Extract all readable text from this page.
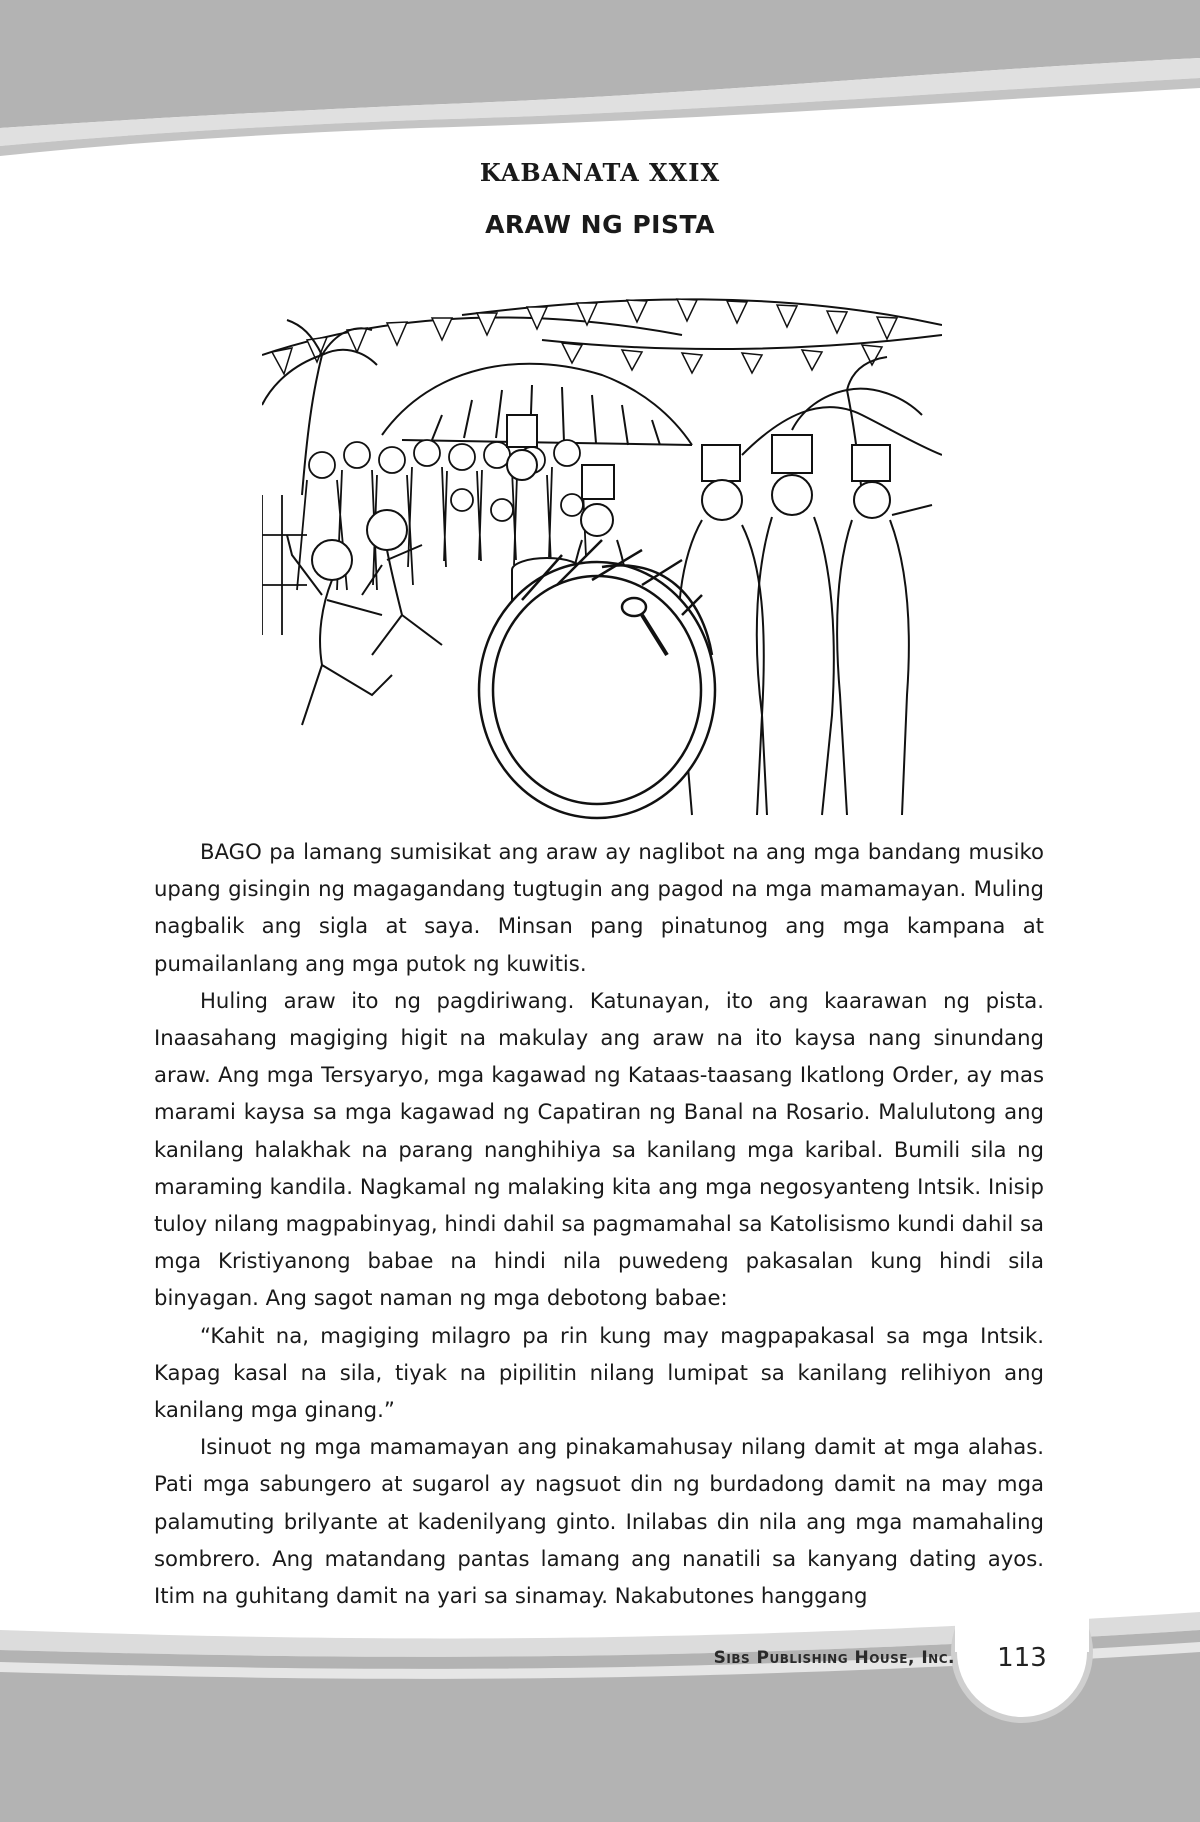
KABANATA XXIX
ARAW NG PISTA

BAGO pa lamang sumisikat ang araw ay naglibot na ang mga bandang musiko upang gisingin ng magagandang tugtugin ang pagod na mga mamamayan. Muling nagbalik ang sigla at saya. Minsan pang pinatunog ang mga kampana at pumailanlang ang mga putok ng kuwitis.

Huling araw ito ng pagdiriwang. Katunayan, ito ang kaarawan ng pista. Inaasahang magiging higit na makulay ang araw na ito kaysa nang sinundang araw. Ang mga Tersyaryo, mga kagawad ng Kataas-taasang Ikatlong Order, ay mas marami kaysa sa mga kagawad ng Capatiran ng Banal na Rosario. Malulutong ang kanilang halakhak na parang nanghihiya sa kanilang mga karibal. Bumili sila ng maraming kandila. Nagkamal ng malaking kita ang mga negosyanteng Intsik. Inisip tuloy nilang magpabinyag, hindi dahil sa pagmamahal sa Katolisismo kundi dahil sa mga Kristiyanong babae na hindi nila puwedeng pakasalan kung hindi sila binyagan. Ang sagot naman ng mga debotong babae:

“Kahit na, magiging milagro pa rin kung may magpapakasal sa mga Intsik. Kapag kasal na sila, tiyak na pipilitin nilang lumipat sa kanilang relihiyon ang kanilang mga ginang.”

Isinuot ng mga mamamayan ang pinakamahusay nilang damit at mga alahas. Pati mga sabungero at sugarol ay nagsuot din ng burdadong damit na may mga palamuting brilyante at kadenilyang ginto. Inilabas din nila ang mga mamahaling sombrero. Ang matandang pantas lamang ang nanatili sa kanyang dating ayos. Itim na guhitang damit na yari sa sinamay. Nakabutones hanggang

Sibs Publishing House, Inc.	113
